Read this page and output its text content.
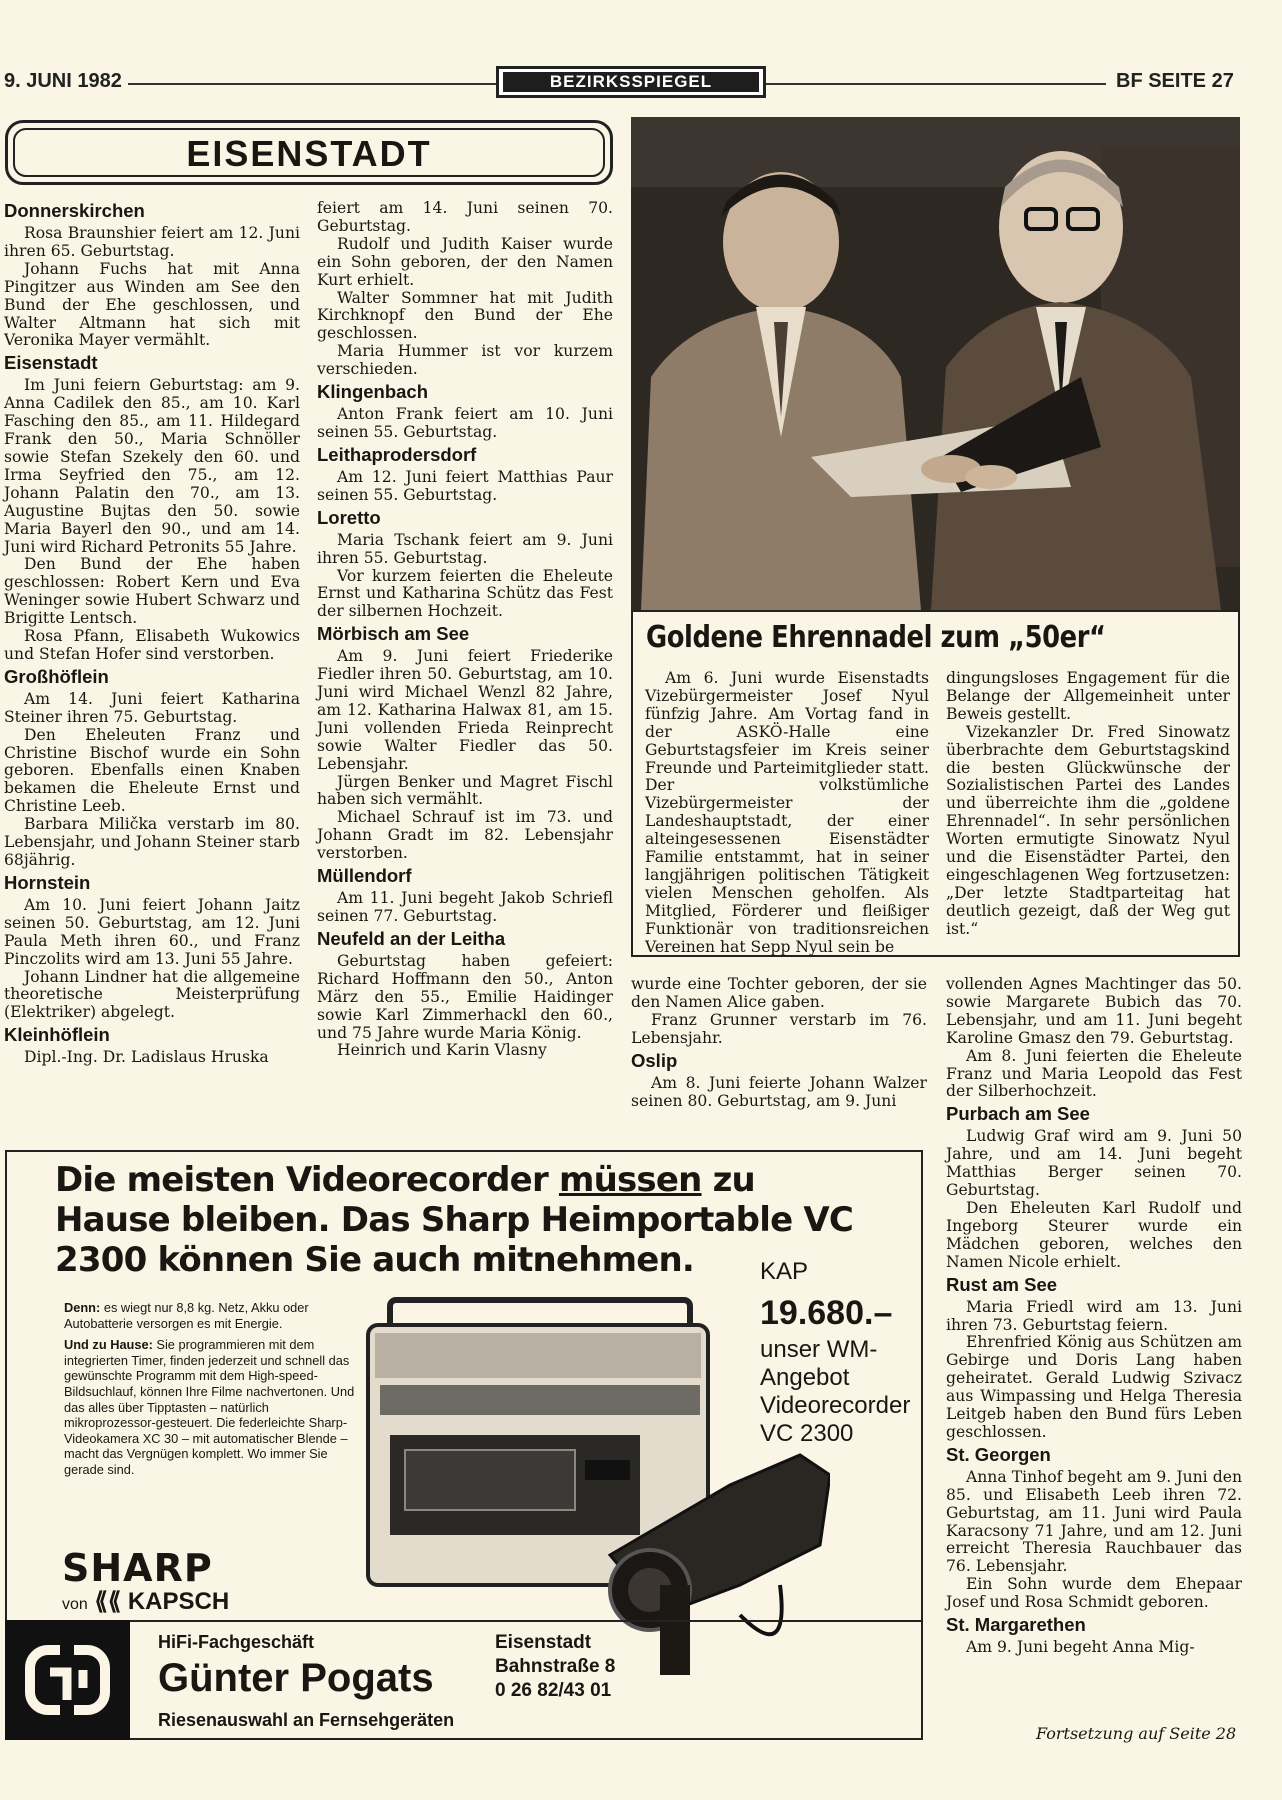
9. JUNI 1982	BEZIRKSSPIEGEL	BF SEITE 27
EISENSTADT
Donnerskirchen

Rosa Braunshier feiert am 12. Juni ihren 65. Geburtstag.

Johann Fuchs hat mit Anna Pingitzer aus Winden am See den Bund der Ehe geschlossen, und Walter Altmann hat sich mit Veronika Mayer vermählt.

Eisenstadt

Im Juni feiern Geburtstag: am 9. Anna Cadilek den 85., am 10. Karl Fasching den 85., am 11. Hildegard Frank den 50., Maria Schnöller sowie Stefan Szekely den 60. und Irma Seyfried den 75., am 12. Johann Palatin den 70., am 13. Augustine Bujtas den 50. sowie Maria Bayerl den 90., und am 14. Juni wird Richard Petronits 55 Jahre.

Den Bund der Ehe haben geschlossen: Robert Kern und Eva Weninger sowie Hubert Schwarz und Brigitte Lentsch.

Rosa Pfann, Elisabeth Wukowics und Stefan Hofer sind verstorben.

Großhöflein

Am 14. Juni feiert Katharina Steiner ihren 75. Geburtstag.

Den Eheleuten Franz und Christine Bischof wurde ein Sohn geboren. Ebenfalls einen Knaben bekamen die Eheleute Ernst und Christine Leeb.

Barbara Milička verstarb im 80. Lebensjahr, und Johann Steiner starb 68jährig.

Hornstein

Am 10. Juni feiert Johann Jaitz seinen 50. Geburtstag, am 12. Juni Paula Meth ihren 60., und Franz Pinczolits wird am 13. Juni 55 Jahre.

Johann Lindner hat die allgemeine theoretische Meisterprüfung (Elektriker) abgelegt.

Kleinhöflein

Dipl.-Ing. Dr. Ladislaus Hruska

feiert am 14. Juni seinen 70. Geburtstag.

Rudolf und Judith Kaiser wurde ein Sohn geboren, der den Namen Kurt erhielt.

Walter Sommner hat mit Judith Kirchknopf den Bund der Ehe geschlossen.

Maria Hummer ist vor kurzem verschieden.

Klingenbach

Anton Frank feiert am 10. Juni seinen 55. Geburtstag.

Leithaprodersdorf

Am 12. Juni feiert Matthias Paur seinen 55. Geburtstag.

Loretto

Maria Tschank feiert am 9. Juni ihren 55. Geburtstag.

Vor kurzem feierten die Eheleute Ernst und Katharina Schütz das Fest der silbernen Hochzeit.

Mörbisch am See

Am 9. Juni feiert Friederike Fiedler ihren 50. Geburtstag, am 10. Juni wird Michael Wenzl 82 Jahre, am 12. Katharina Halwax 81, am 15. Juni vollenden Frieda Reinprecht sowie Walter Fiedler das 50. Lebensjahr.

Jürgen Benker und Magret Fischl haben sich vermählt.

Michael Schrauf ist im 73. und Johann Gradt im 82. Lebensjahr verstorben.

Müllendorf

Am 11. Juni begeht Jakob Schriefl seinen 77. Geburtstag.

Neufeld an der Leitha

Geburtstag haben gefeiert: Richard Hoffmann den 50., Anton März den 55., Emilie Haidinger sowie Karl Zimmerhackl den 60., und 75 Jahre wurde Maria König.

Heinrich und Karin Vlasny

Goldene Ehrennadel zum „50er“

Am 6. Juni wurde Eisenstadts Vizebürgermeister Josef Nyul fünfzig Jahre. Am Vortag fand in der ASKÖ-Halle eine Geburtstagsfeier im Kreis seiner Freunde und Parteimitglieder statt. Der volkstümliche Vizebürgermeister der Landeshauptstadt, der einer alteingesessenen Eisenstädter Familie entstammt, hat in seiner langjährigen politischen Tätigkeit vielen Menschen geholfen. Als Mitglied, Förderer und fleißiger Funktionär von traditionsreichen Vereinen hat Sepp Nyul sein be

dingungsloses Engagement für die Belange der Allgemeinheit unter Beweis gestellt.

Vizekanzler Dr. Fred Sinowatz überbrachte dem Geburtstagskind die besten Glückwünsche der Sozialistischen Partei des Landes und überreichte ihm die „goldene Ehrennadel“. In sehr persönlichen Worten ermutigte Sinowatz Nyul und die Eisenstädter Partei, den eingeschlagenen Weg fortzusetzen: „Der letzte Stadtparteitag hat deutlich gezeigt, daß der Weg gut ist.“

wurde eine Tochter geboren, der sie den Namen Alice gaben.

Franz Grunner verstarb im 76. Lebensjahr.

Oslip

Am 8. Juni feierte Johann Walzer seinen 80. Geburtstag, am 9. Juni

vollenden Agnes Machtinger das 50. sowie Margarete Bubich das 70. Lebensjahr, und am 11. Juni begeht Karoline Gmasz den 79. Geburtstag.

Am 8. Juni feierten die Eheleute Franz und Maria Leopold das Fest der Silberhochzeit.

Purbach am See

Ludwig Graf wird am 9. Juni 50 Jahre, und am 14. Juni begeht Matthias Berger seinen 70. Geburtstag.

Den Eheleuten Karl Rudolf und Ingeborg Steurer wurde ein Mädchen geboren, welches den Namen Nicole erhielt.

Rust am See

Maria Friedl wird am 13. Juni ihren 73. Geburtstag feiern.

Ehrenfried König aus Schützen am Gebirge und Doris Lang haben geheiratet. Gerald Ludwig Szivacz aus Wimpassing und Helga Theresia Leitgeb haben den Bund fürs Leben geschlossen.

St. Georgen

Anna Tinhof begeht am 9. Juni den 85. und Elisabeth Leeb ihren 72. Geburtstag, am 11. Juni wird Paula Karacsony 71 Jahre, und am 12. Juni erreicht Theresia Rauchbauer das 76. Lebensjahr.

Ein Sohn wurde dem Ehepaar Josef und Rosa Schmidt geboren.

St. Margarethen

Am 9. Juni begeht Anna Mig-

Fortsetzung auf Seite 28
Die meisten Videorecorder müssen zu Hause bleiben. Das Sharp Heimportable VC 2300 können Sie auch mitnehmen.

Denn: es wiegt nur 8,8 kg. Netz, Akku oder Autobatterie versorgen es mit Energie.

Und zu Hause: Sie programmieren mit dem integrierten Timer, finden jederzeit und schnell das gewünschte Programm mit dem High-speed-Bildsuchlauf, können Ihre Filme nachvertonen. Und das alles über Tipptasten – natürlich mikroprozessor-gesteuert. Die federleichte Sharp-Videokamera XC 30 – mit automatischer Blende – macht das Vergnügen komplett. Wo immer Sie gerade sind.

KAP
19.680.–
unser WM-
Angebot
Videorecorder
VC 2300
SHARP
von ⟪⟪ KAPSCH
HiFi-Fachgeschäft
Günter Pogats
Riesenauswahl an Fernsehgeräten
Eisenstadt
Bahnstraße 8
0 26 82/43 01
